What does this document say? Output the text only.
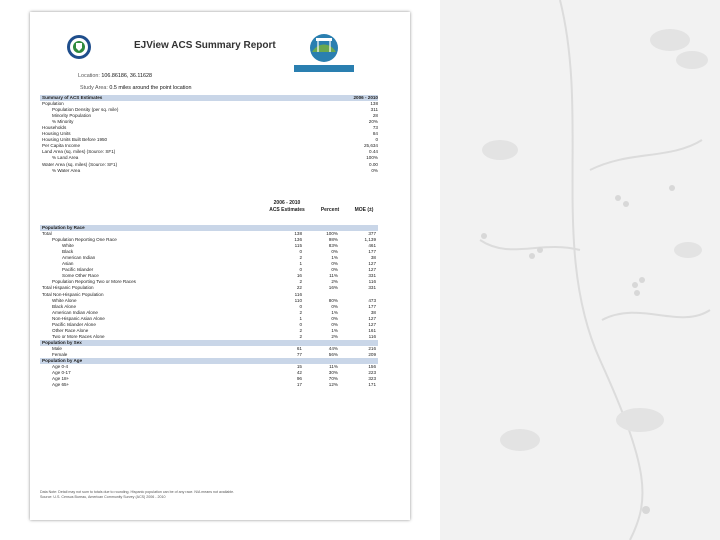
EJView ACS Summary Report
Location: 106.86186, 36.11628
Study Area: 0.5 miles around the point location
Summary of ACS Estimates	2006 - 2010
Population	138
Population Density (per sq. mile)	311
Minority Population	28
% Minority	20%
Households	73
Housing Units	84
Housing Units Built Before 1950	0
Per Capita Income	25,634
Land Area (sq. miles) (Source: SF1)	0.44
% Land Area	100%
Water Area (sq. miles) (Source: SF1)	0.00
% Water Area	0%
2006 - 2010
ACS Estimates	Percent	MOE (±)
Population by Race
Total	138	100%	377
Population Reporting One Race	136	98%	1,139
White	115	83%	461
Black	0	0%	177
American Indian	2	1%	38
Asian	1	0%	127
Pacific Islander	0	0%	127
Some Other Race	16	11%	331
Population Reporting Two or More Races	2	2%	116
Total Hispanic Population	22	16%	331
Total Non-Hispanic Population	116
White Alone	110	80%	473
Black Alone	0	0%	177
American Indian Alone	2	1%	38
Non-Hispanic Asian Alone	1	0%	127
Pacific Islander Alone	0	0%	127
Other Race Alone	2	1%	161
Two or More Races Alone	2	2%	116
Population by Sex
Male	61	44%	216
Female	77	56%	209
Population by Age
Age 0-4	15	11%	156
Age 0-17	42	30%	223
Age 18+	96	70%	323
Age 65+	17	12%	171
Data Note: Detail may not sum to totals due to rounding. Hispanic population can be of any race. N/A means not available.
Source: U.S. Census Bureau, American Community Survey (ACS) 2006 - 2010
